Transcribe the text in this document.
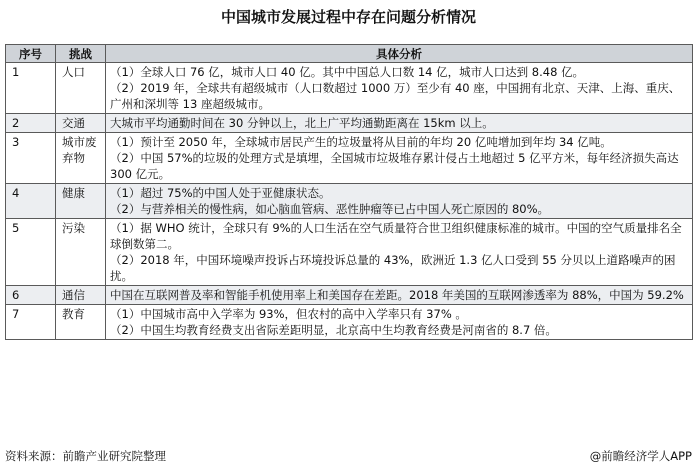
中国城市发展过程中存在问题分析情况
序号	挑战	具体分析
1	人口	（1）全球人口 76 亿，城市人口 40 亿。其中中国总人口数 14 亿，城市人口达到 8.48 亿。
（2）2019 年，全球共有超级城市（人口数超过 1000 万）至少有 40 座，中国拥有北京、天津、上海、重庆、广州和深圳等 13 座超级城市。

2	交通	大城市平均通勤时间在 30 分钟以上，北上广平均通勤距离在 15km 以上。

3	城市废弃物	（1）预计至 2050 年，全球城市居民产生的垃圾量将从目前的年均 20 亿吨增加到年均 34 亿吨。
（2）中国 57%的垃圾的处理方式是填埋，全国城市垃圾堆存累计侵占土地超过 5 亿平方米，每年经济损失高达 300 亿元。

4	健康	（1）超过 75%的中国人处于亚健康状态。
（2）与营养相关的慢性病，如心脑血管病、恶性肿瘤等已占中国人死亡原因的 80%。

5	污染	（1）据 WHO 统计，全球只有 9%的人口生活在空气质量符合世卫组织健康标准的城市。中国的空气质量排名全球倒数第二。
（2）2018 年，中国环境噪声投诉占环境投诉总量的 43%，欧洲近 1.3 亿人口受到 55 分贝以上道路噪声的困扰。

6	通信	中国在互联网普及率和智能手机使用率上和美国存在差距。2018 年美国的互联网渗透率为 88%，中国为 59.2%

7	教育	（1）中国城市高中入学率为 93%，但农村的高中入学率只有 37% 。
（2）中国生均教育经费支出省际差距明显，北京高中生均教育经费是河南省的 8.7 倍。
资料来源：前瞻产业研究院整理	@前瞻经济学人APP
